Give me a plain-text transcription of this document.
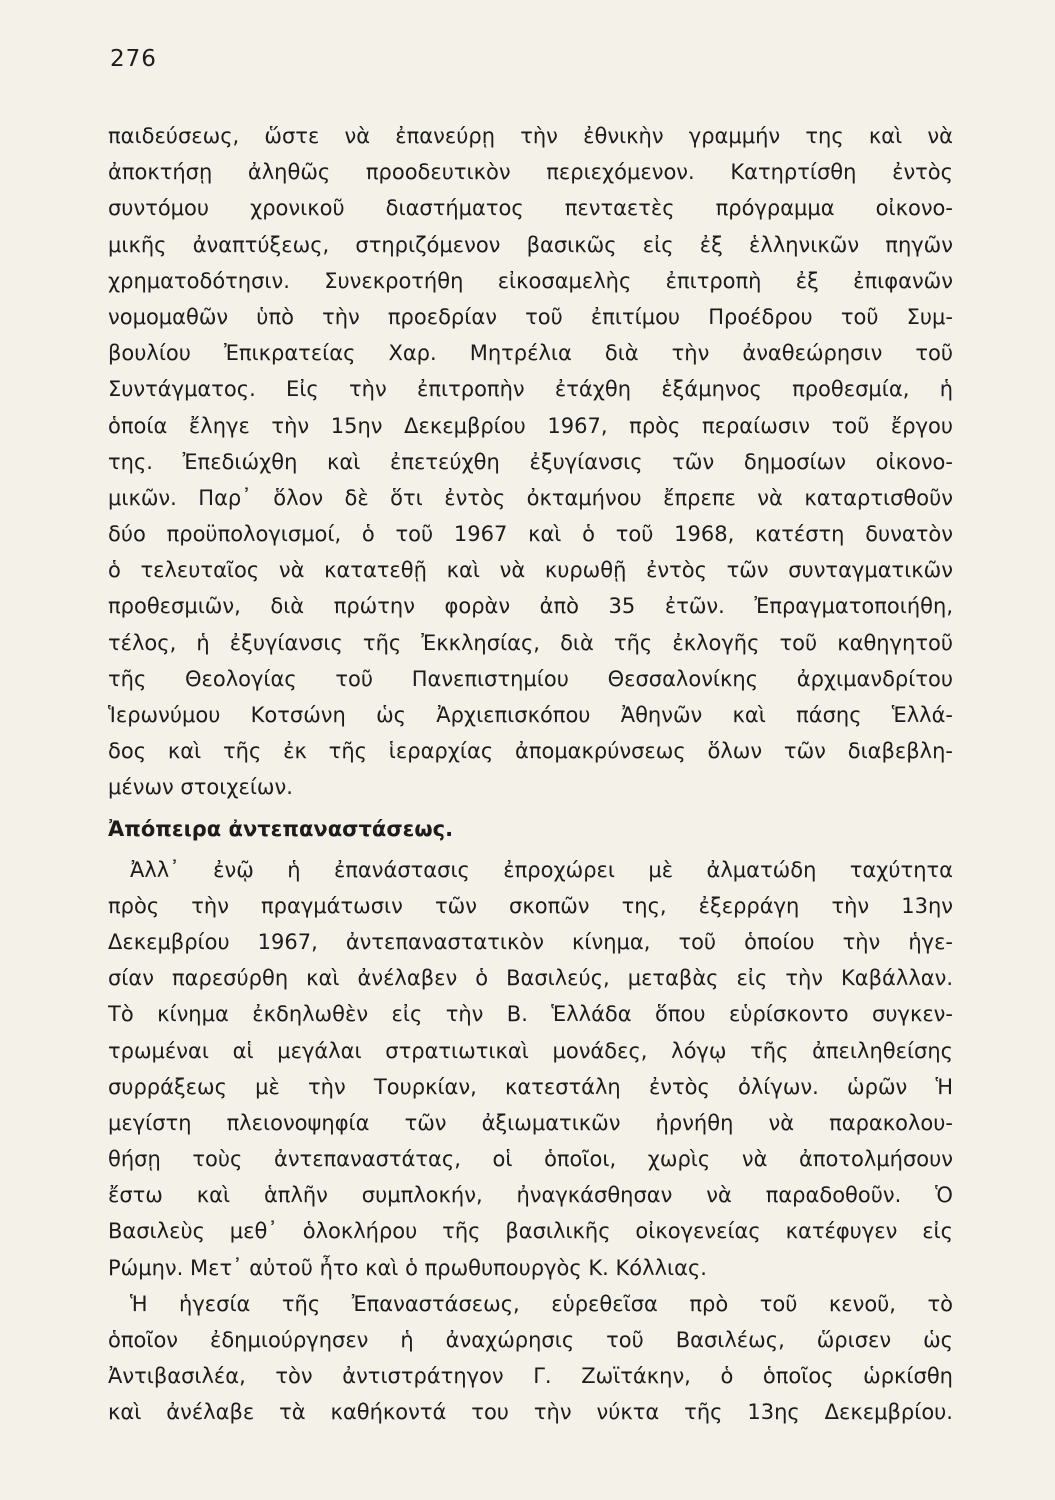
276
παιδεύσεως, ὥστε νὰ ἐπανεύρῃ τὴν ἐθνικὴν γραμμήν της καὶ νὰ
ἀποκτήσῃ ἀληθῶς προοδευτικὸν περιεχόμενον. Κατηρτίσθη ἐντὸς
συντόμου χρονικοῦ διαστήματος πενταετὲς πρόγραμμα οἰκονο-
μικῆς ἀναπτύξεως, στηριζόμενον βασικῶς εἰς ἐξ ἑλληνικῶν πηγῶν
χρηματοδότησιν. Συνεκροτήθη εἰκοσαμελὴς ἐπιτροπὴ ἐξ ἐπιφανῶν
νομομαθῶν ὑπὸ τὴν προεδρίαν τοῦ ἐπιτίμου Προέδρου τοῦ Συμ-
βουλίου Ἐπικρατείας Χαρ. Μητρέλια διὰ τὴν ἀναθεώρησιν τοῦ
Συντάγματος. Εἰς τὴν ἐπιτροπὴν ἐτάχθη ἑξάμηνος προθεσμία, ἡ
ὁποία ἔληγε τὴν 15ην Δεκεμβρίου 1967, πρὸς περαίωσιν τοῦ ἔργου
της. Ἐπεδιώχθη καὶ ἐπετεύχθη ἐξυγίανσις τῶν δημοσίων οἰκονο-
μικῶν. Παρ᾽ ὅλον δὲ ὅτι ἐντὸς ὀκταμήνου ἔπρεπε νὰ καταρτισθοῦν
δύο προϋπολογισμοί, ὁ τοῦ 1967 καὶ ὁ τοῦ 1968, κατέστη δυνατὸν
ὁ τελευταῖος νὰ κατατεθῇ καὶ νὰ κυρωθῇ ἐντὸς τῶν συνταγματικῶν
προθεσμιῶν, διὰ πρώτην φορὰν ἀπὸ 35 ἐτῶν. Ἐπραγματοποιήθη,
τέλος, ἡ ἐξυγίανσις τῆς Ἐκκλησίας, διὰ τῆς ἐκλογῆς τοῦ καθηγητοῦ
τῆς Θεολογίας τοῦ Πανεπιστημίου Θεσσαλονίκης ἀρχιμανδρίτου
Ἱερωνύμου Κοτσώνη ὡς Ἀρχιεπισκόπου Ἀθηνῶν καὶ πάσης Ἑλλά-
δος καὶ τῆς ἐκ τῆς ἱεραρχίας ἀπομακρύνσεως ὅλων τῶν διαβεβλη-
μένων στοιχείων.
Ἀπόπειρα ἀντεπαναστάσεως.
Ἀλλ᾽ ἐνῷ ἡ ἐπανάστασις ἐπροχώρει μὲ ἀλματώδη ταχύτητα
πρὸς τὴν πραγμάτωσιν τῶν σκοπῶν της, ἐξερράγη τὴν 13ην
Δεκεμβρίου 1967, ἀντεπαναστατικὸν κίνημα, τοῦ ὁποίου τὴν ἡγε-
σίαν παρεσύρθη καὶ ἀνέλαβεν ὁ Βασιλεύς, μεταβὰς εἰς τὴν Καβάλλαν.
Τὸ κίνημα ἐκδηλωθὲν εἰς τὴν Β. Ἑλλάδα ὅπου εὑρίσκοντο συγκεν-
τρωμέναι αἱ μεγάλαι στρατιωτικαὶ μονάδες, λόγῳ τῆς ἀπειληθείσης
συρράξεως μὲ τὴν Τουρκίαν, κατεστάλη ἐντὸς ὀλίγων. ὡρῶν Ἡ
μεγίστη πλειονοψηφία τῶν ἀξιωματικῶν ἠρνήθη νὰ παρακολου-
θήσῃ τοὺς ἀντεπαναστάτας, οἱ ὁποῖοι, χωρὶς νὰ ἀποτολμήσουν
ἔστω καὶ ἁπλῆν συμπλοκήν, ἠναγκάσθησαν νὰ παραδοθοῦν. Ὁ
Βασιλεὺς μεθ᾽ ὁλοκλήρου τῆς βασιλικῆς οἰκογενείας κατέφυγεν εἰς
Ρώμην. Μετ᾽ αὐτοῦ ἦτο καὶ ὁ πρωθυπουργὸς Κ. Κόλλιας.
Ἡ ἡγεσία τῆς Ἐπαναστάσεως, εὑρεθεῖσα πρὸ τοῦ κενοῦ, τὸ
ὁποῖον ἐδημιούργησεν ἡ ἀναχώρησις τοῦ Βασιλέως, ὥρισεν ὡς
Ἀντιβασιλέα, τὸν ἀντιστράτηγον Γ. Ζωϊτάκην, ὁ ὁποῖος ὡρκίσθη
καὶ ἀνέλαβε τὰ καθήκοντά του τὴν νύκτα τῆς 13ης Δεκεμβρίου.
